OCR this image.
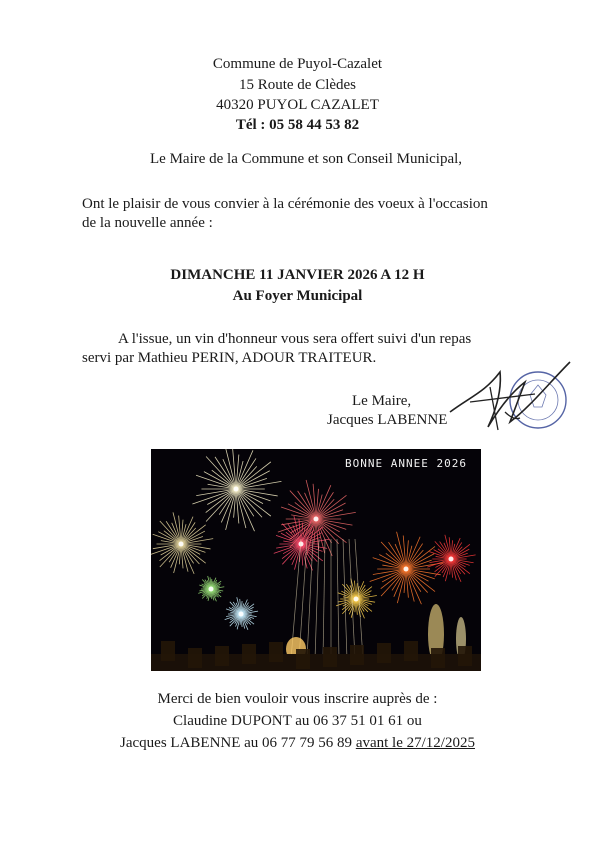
Commune de Puyol-Cazalet
15 Route de Clèdes
40320 PUYOL CAZALET
Tél : 05 58 44 53 82
Le Maire de la Commune et son Conseil Municipal,
Ont le plaisir de vous convier à la cérémonie des voeux à l'occasion
de la nouvelle année :
DIMANCHE 11 JANVIER 2026 A 12 H
Au Foyer Municipal
A l'issue, un vin d'honneur vous sera offert suivi d'un repas
servi par Mathieu PERIN, ADOUR TRAITEUR.
Le Maire,
Jacques LABENNE
BONNE ANNEE 2026
Merci de bien vouloir vous inscrire auprès de :
Claudine DUPONT au 06 37 51 01 61 ou
Jacques LABENNE au 06 77 79 56 89 avant le 27/12/2025
